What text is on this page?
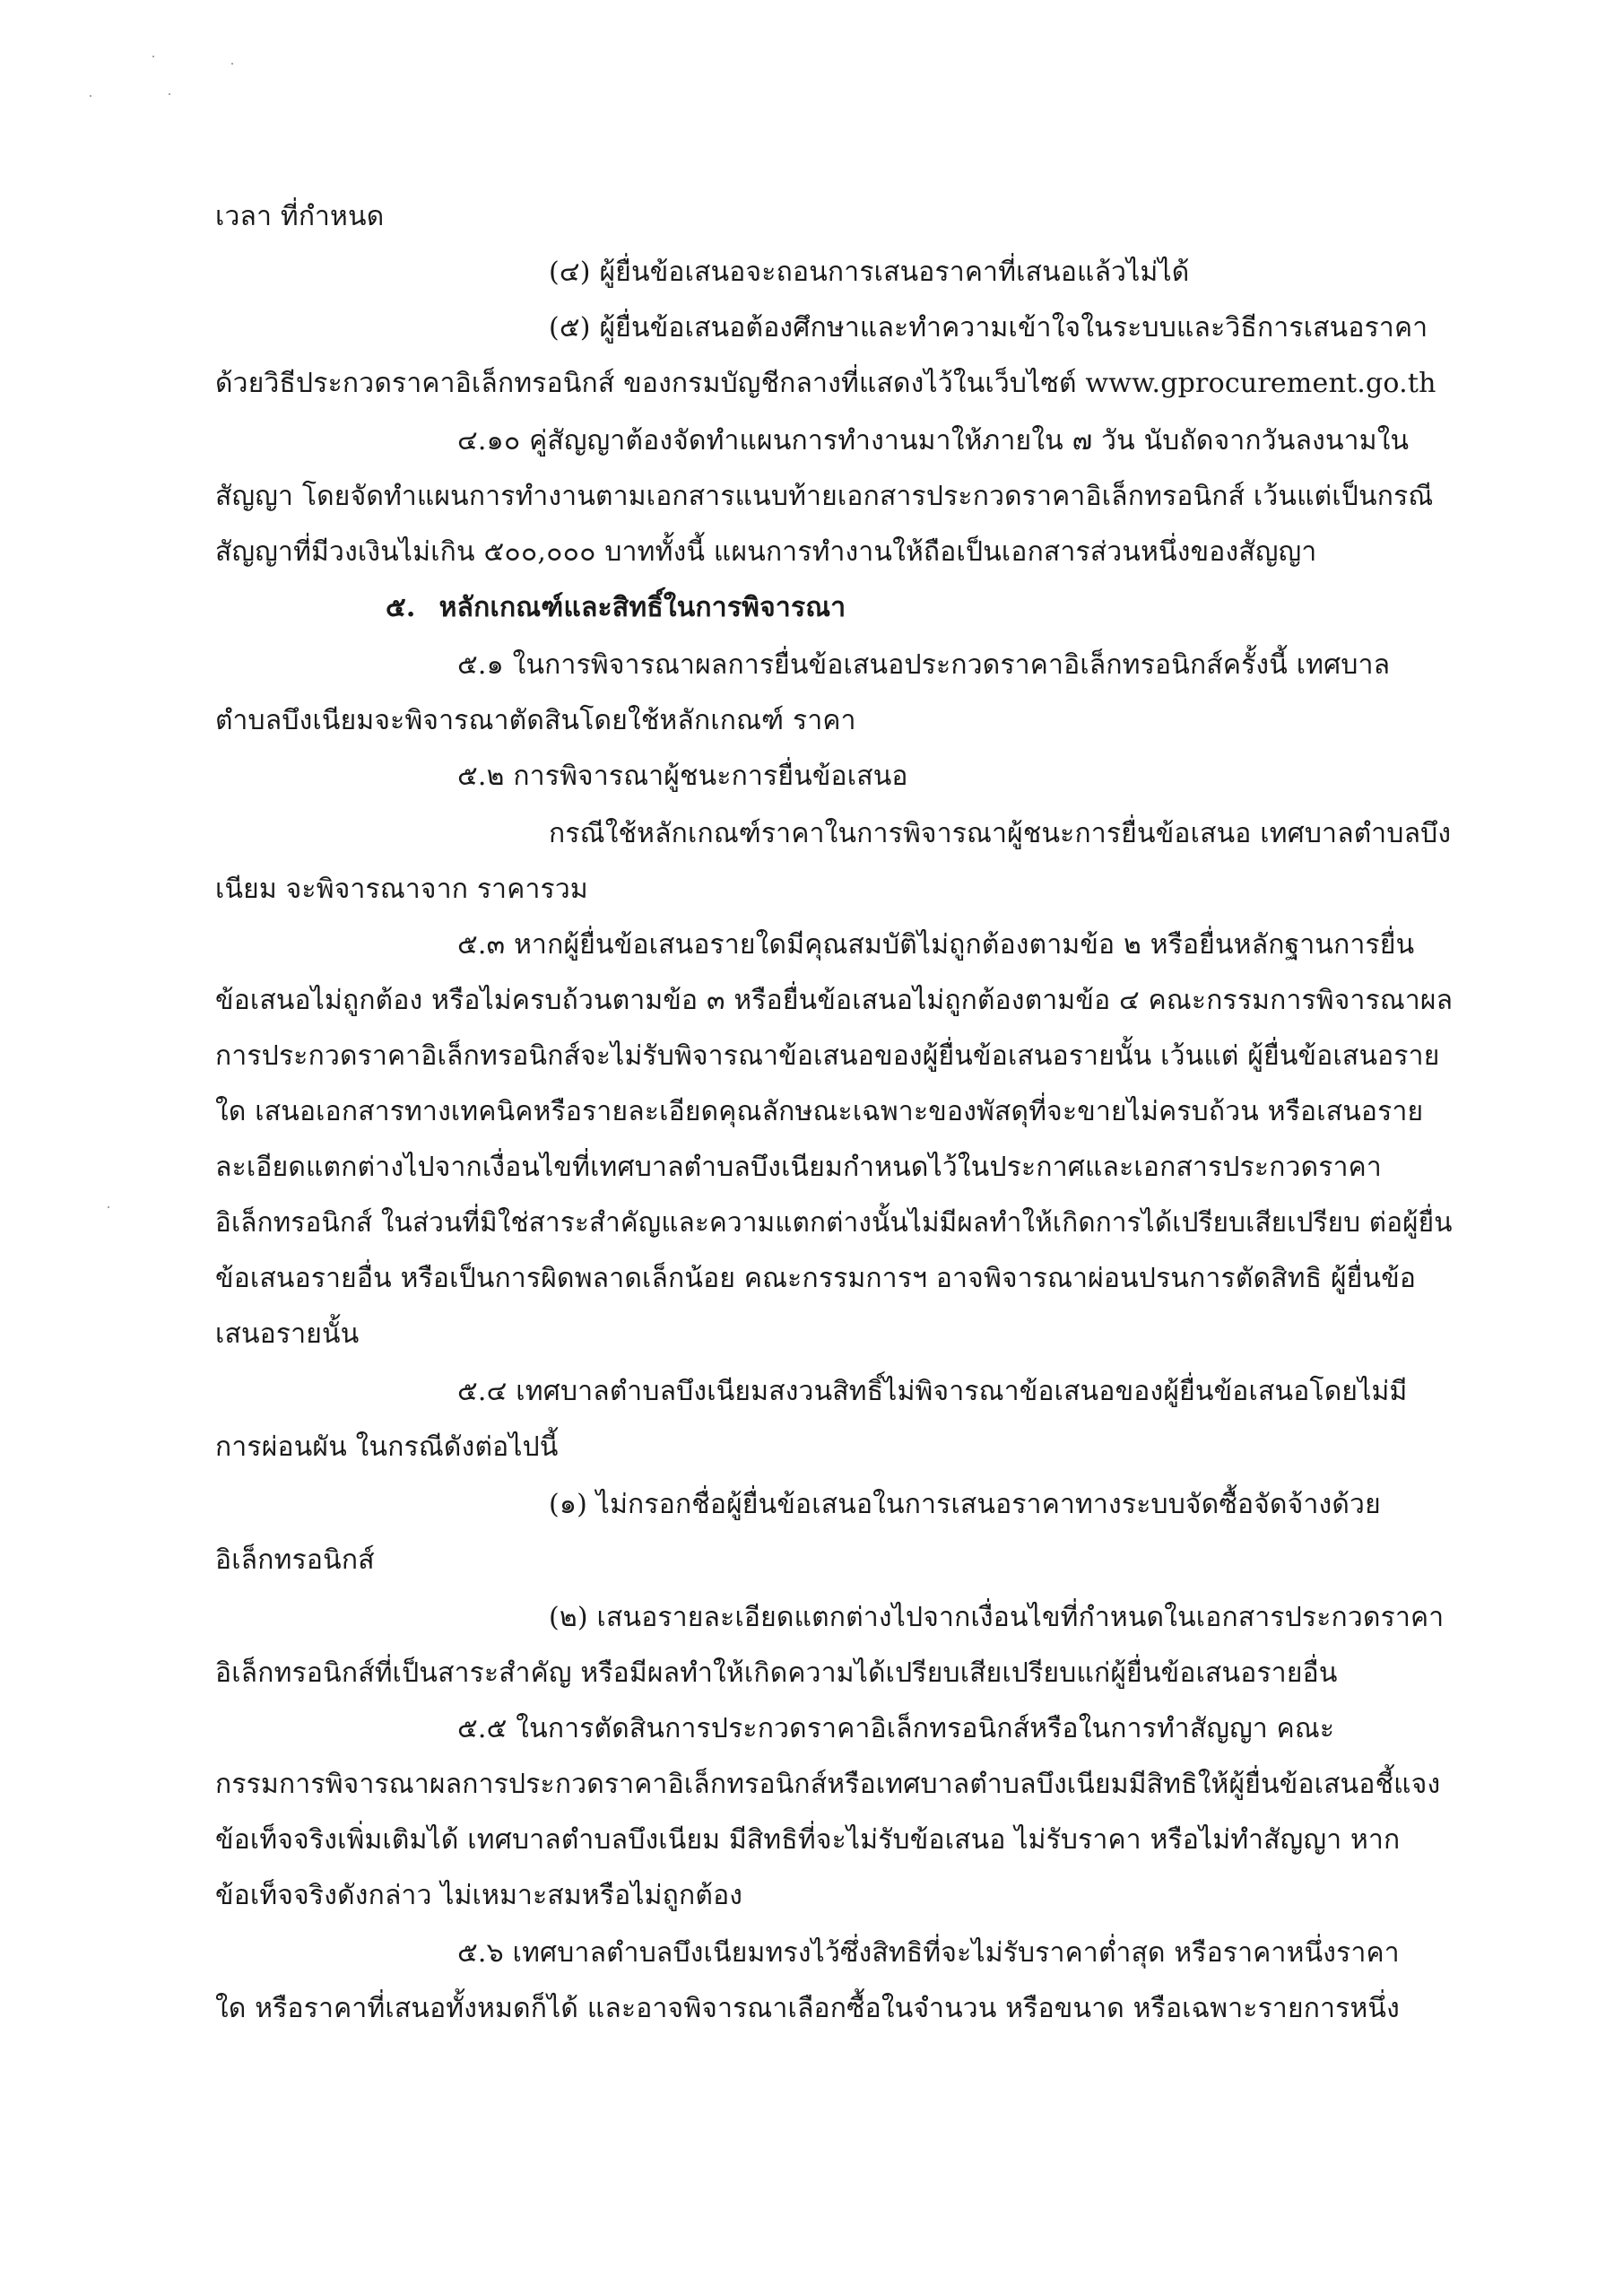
เวลา ที่กำหนด
(๔) ผู้ยื่นข้อเสนอจะถอนการเสนอราคาที่เสนอแล้วไม่ได้
(๕) ผู้ยื่นข้อเสนอต้องศึกษาและทำความเข้าใจในระบบและวิธีการเสนอราคา
ด้วยวิธีประกวดราคาอิเล็กทรอนิกส์ ของกรมบัญชีกลางที่แสดงไว้ในเว็บไซต์ www.gprocurement.go.th
๔.๑๐ คู่สัญญาต้องจัดทำแผนการทำงานมาให้ภายใน ๗ วัน นับถัดจากวันลงนามใน
สัญญา โดยจัดทำแผนการทำงานตามเอกสารแนบท้ายเอกสารประกวดราคาอิเล็กทรอนิกส์ เว้นแต่เป็นกรณี
สัญญาที่มีวงเงินไม่เกิน ๕๐๐,๐๐๐ บาททั้งนี้ แผนการทำงานให้ถือเป็นเอกสารส่วนหนึ่งของสัญญา
๕. หลักเกณฑ์และสิทธิ์ในการพิจารณา
๕.๑ ในการพิจารณาผลการยื่นข้อเสนอประกวดราคาอิเล็กทรอนิกส์ครั้งนี้ เทศบาล
ตำบลบึงเนียมจะพิจารณาตัดสินโดยใช้หลักเกณฑ์ ราคา
๕.๒ การพิจารณาผู้ชนะการยื่นข้อเสนอ
กรณีใช้หลักเกณฑ์ราคาในการพิจารณาผู้ชนะการยื่นข้อเสนอ เทศบาลตำบลบึง
เนียม จะพิจารณาจาก ราคารวม
๕.๓ หากผู้ยื่นข้อเสนอรายใดมีคุณสมบัติไม่ถูกต้องตามข้อ ๒ หรือยื่นหลักฐานการยื่น
ข้อเสนอไม่ถูกต้อง หรือไม่ครบถ้วนตามข้อ ๓ หรือยื่นข้อเสนอไม่ถูกต้องตามข้อ ๔ คณะกรรมการพิจารณาผล
การประกวดราคาอิเล็กทรอนิกส์จะไม่รับพิจารณาข้อเสนอของผู้ยื่นข้อเสนอรายนั้น เว้นแต่ ผู้ยื่นข้อเสนอราย
ใด เสนอเอกสารทางเทคนิคหรือรายละเอียดคุณลักษณะเฉพาะของพัสดุที่จะขายไม่ครบถ้วน หรือเสนอราย
ละเอียดแตกต่างไปจากเงื่อนไขที่เทศบาลตำบลบึงเนียมกำหนดไว้ในประกาศและเอกสารประกวดราคา
อิเล็กทรอนิกส์ ในส่วนที่มิใช่สาระสำคัญและความแตกต่างนั้นไม่มีผลทำให้เกิดการได้เปรียบเสียเปรียบ ต่อผู้ยื่น
ข้อเสนอรายอื่น หรือเป็นการผิดพลาดเล็กน้อย คณะกรรมการฯ อาจพิจารณาผ่อนปรนการตัดสิทธิ ผู้ยื่นข้อ
เสนอรายนั้น
๕.๔ เทศบาลตำบลบึงเนียมสงวนสิทธิ์ไม่พิจารณาข้อเสนอของผู้ยื่นข้อเสนอโดยไม่มี
การผ่อนผัน ในกรณีดังต่อไปนี้
(๑) ไม่กรอกชื่อผู้ยื่นข้อเสนอในการเสนอราคาทางระบบจัดซื้อจัดจ้างด้วย
อิเล็กทรอนิกส์
(๒) เสนอรายละเอียดแตกต่างไปจากเงื่อนไขที่กำหนดในเอกสารประกวดราคา
อิเล็กทรอนิกส์ที่เป็นสาระสำคัญ หรือมีผลทำให้เกิดความได้เปรียบเสียเปรียบแก่ผู้ยื่นข้อเสนอรายอื่น
๕.๕ ในการตัดสินการประกวดราคาอิเล็กทรอนิกส์หรือในการทำสัญญา คณะ
กรรมการพิจารณาผลการประกวดราคาอิเล็กทรอนิกส์หรือเทศบาลตำบลบึงเนียมมีสิทธิให้ผู้ยื่นข้อเสนอชี้แจง
ข้อเท็จจริงเพิ่มเติมได้ เทศบาลตำบลบึงเนียม มีสิทธิที่จะไม่รับข้อเสนอ ไม่รับราคา หรือไม่ทำสัญญา หาก
ข้อเท็จจริงดังกล่าว ไม่เหมาะสมหรือไม่ถูกต้อง
๕.๖ เทศบาลตำบลบึงเนียมทรงไว้ซึ่งสิทธิที่จะไม่รับราคาต่ำสุด หรือราคาหนึ่งราคา
ใด หรือราคาที่เสนอทั้งหมดก็ได้ และอาจพิจารณาเลือกซื้อในจำนวน หรือขนาด หรือเฉพาะรายการหนึ่ง
